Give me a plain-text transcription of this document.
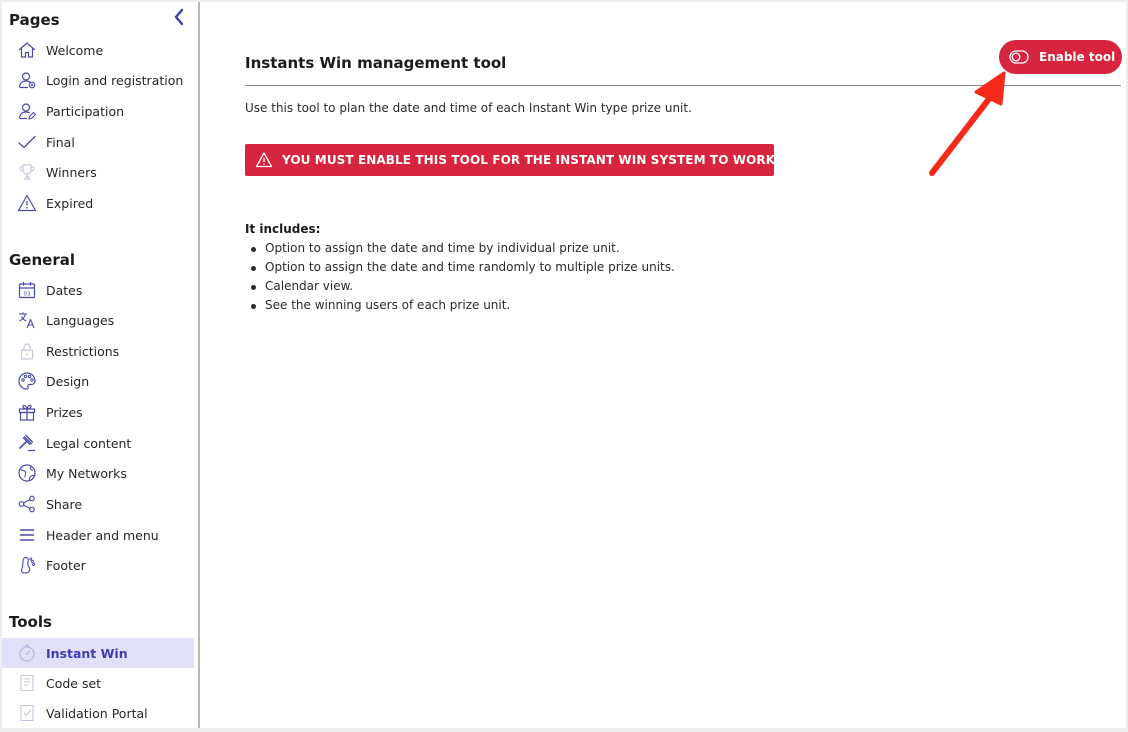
Pages
Welcome
Login and registration
Participation
Final
Winners
Expired
General
03 Dates
Languages
Restrictions
Design
Prizes
Legal content
My Networks
Share
Header and menu
Footer
Tools
Instant Win
Code set
Validation Portal
Instants Win management tool	Enable tool

Use this tool to plan the date and time of each Instant Win type prize unit.

YOU MUST ENABLE THIS TOOL FOR THE INSTANT WIN SYSTEM TO WORK
It includes:
Option to assign the date and time by individual prize unit.
Option to assign the date and time randomly to multiple prize units.
Calendar view.
See the winning users of each prize unit.
